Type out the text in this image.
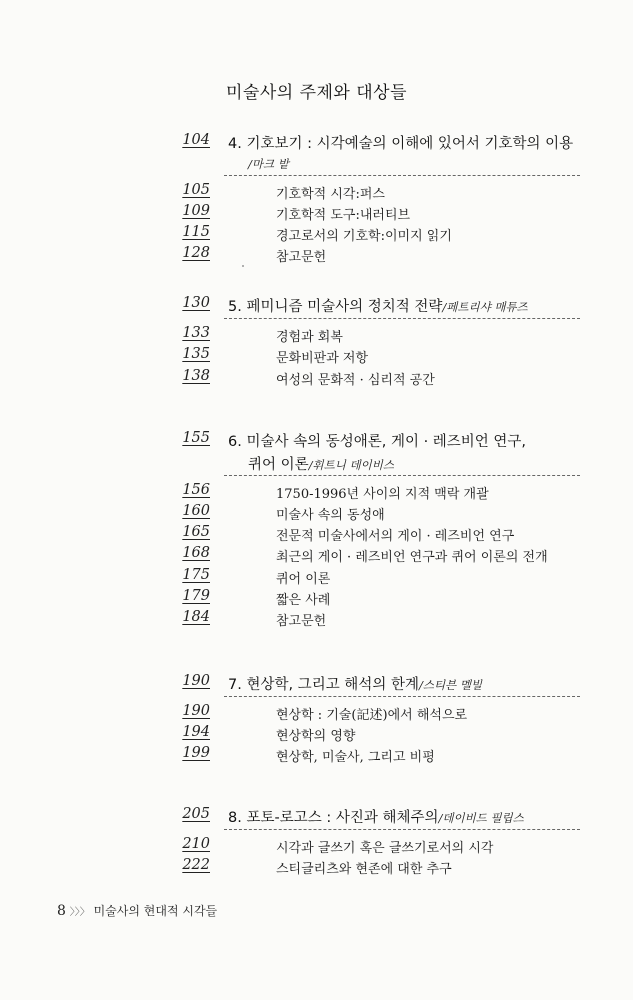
미술사의 주제와 대상들
104 4. 기호보기 : 시각예술의 이해에 있어서 기호학의 이용
/마크 밭
105	기호학적 시각:퍼스
109	기호학적 도구:내러티브
115	경고로서의 기호학:이미지 읽기
128	참고문헌
130 5. 페미니즘 미술사의 정치적 전략/페트리샤 매튜즈
133	경험과 회복
135	문화비판과 저항
138	여성의 문화적 · 심리적 공간
155 6. 미술사 속의 동성애론, 게이 · 레즈비언 연구,
퀴어 이론/휘트니 데이비스
156	1750-1996년 사이의 지적 맥락 개괄
160	미술사 속의 동성애
165	전문적 미술사에서의 게이 · 레즈비언 연구
168	최근의 게이 · 레즈비언 연구과 퀴어 이론의 전개
175	퀴어 이론
179	짧은 사례
184	참고문헌
190 7. 현상학, 그리고 해석의 한계/스티븐 멜빌
190	현상학 : 기술(記述)에서 해석으로
194	현상학의 영향
199	현상학, 미술사, 그리고 비평
205 8. 포토-로고스 : 사진과 해체주의/데이비드 필립스
210	시각과 글쓰기 혹은 글쓰기로서의 시각
222	스티글리츠와 현존에 대한 추구
8 〉〉〉 미술사의 현대적 시각들
